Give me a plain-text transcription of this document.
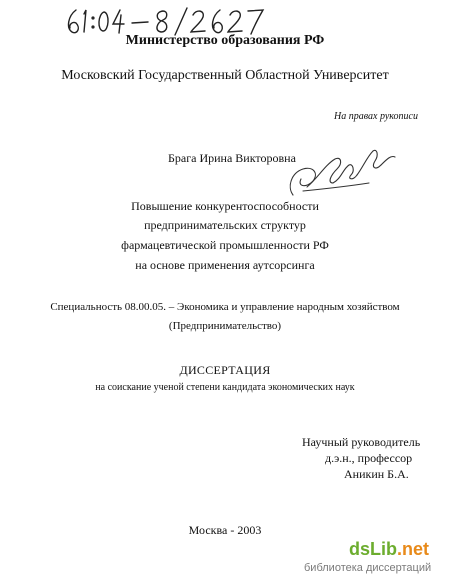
Министерство образования РФ
Московский Государственный Областной Университет
На правах рукописи
Брага Ирина Викторовна
Повышение конкурентоспособности
предпринимательских структур
фармацевтической промышленности РФ
на основе применения аутсорсинга
Специальность 08.00.05. – Экономика и управление народным хозяйством
(Предпринимательство)
ДИССЕРТАЦИЯ
на соискание ученой степени кандидата экономических наук
Научный руководитель
д.э.н., профессор
Аникин Б.А.
Москва - 2003
dsLib.net
библиотека диссертаций
